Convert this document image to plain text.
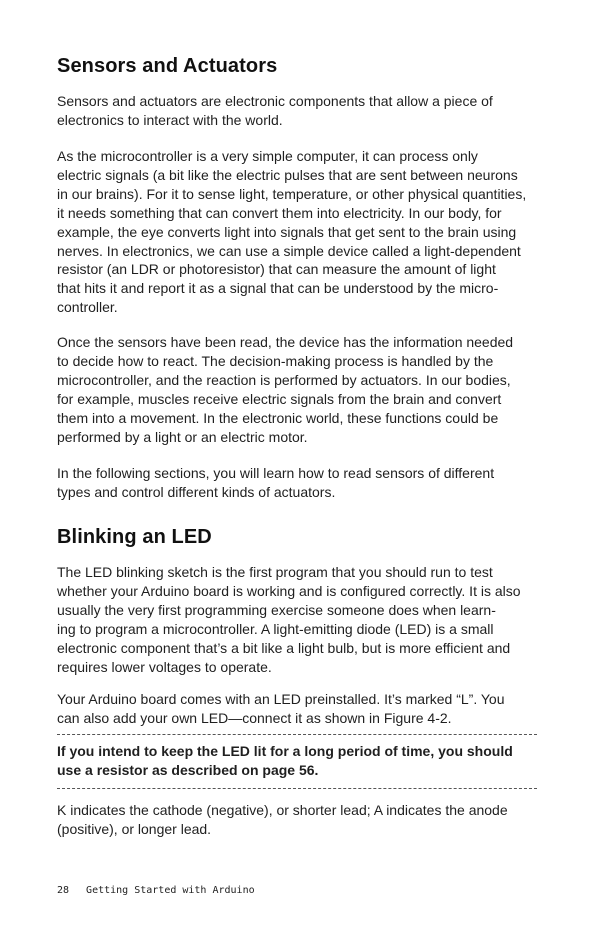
Sensors and Actuators

Sensors and actuators are electronic components that allow a piece of
electronics to interact with the world.

As the microcontroller is a very simple computer, it can process only
electric signals (a bit like the electric pulses that are sent between neurons
in our brains). For it to sense light, temperature, or other physical quantities,
it needs something that can convert them into electricity. In our body, for
example, the eye converts light into signals that get sent to the brain using
nerves. In electronics, we can use a simple device called a light-dependent
resistor (an LDR or photoresistor) that can measure the amount of light
that hits it and report it as a signal that can be understood by the micro-
controller.

Once the sensors have been read, the device has the information needed
to decide how to react. The decision-making process is handled by the
microcontroller, and the reaction is performed by actuators. In our bodies,
for example, muscles receive electric signals from the brain and convert
them into a movement. In the electronic world, these functions could be
performed by a light or an electric motor.

In the following sections, you will learn how to read sensors of different
types and control different kinds of actuators.

Blinking an LED

The LED blinking sketch is the first program that you should run to test
whether your Arduino board is working and is configured correctly. It is also
usually the very first programming exercise someone does when learn-
ing to program a microcontroller. A light-emitting diode (LED) is a small
electronic component that’s a bit like a light bulb, but is more efficient and
requires lower voltages to operate.

Your Arduino board comes with an LED preinstalled. It’s marked “L”. You
can also add your own LED—connect it as shown in Figure 4-2.

If you intend to keep the LED lit for a long period of time, you should
use a resistor as described on page 56.

K indicates the cathode (negative), or shorter lead; A indicates the anode
(positive), or longer lead.

28 Getting Started with Arduino
